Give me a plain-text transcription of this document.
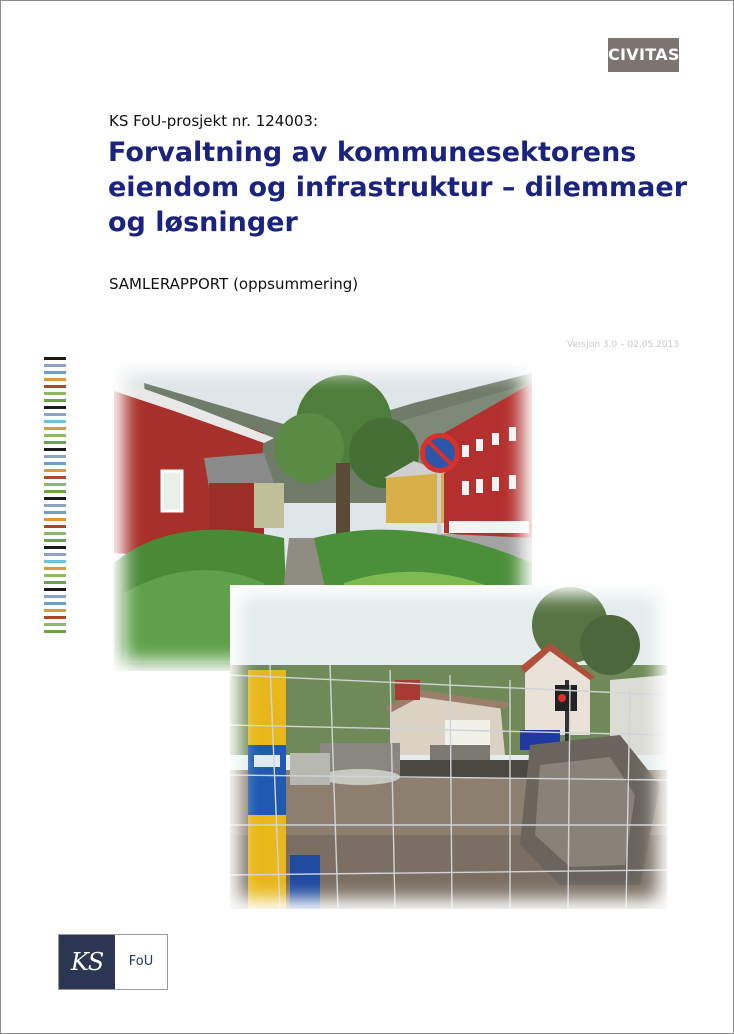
CIVITAS
KS FoU-prosjekt nr. 124003:
Forvaltning av kommunesektorens eiendom og infrastruktur – dilemmaer og løsninger
SAMLERAPPORT (oppsummering)
Versjon 3.0 – 02.05.2013
KS	FoU
